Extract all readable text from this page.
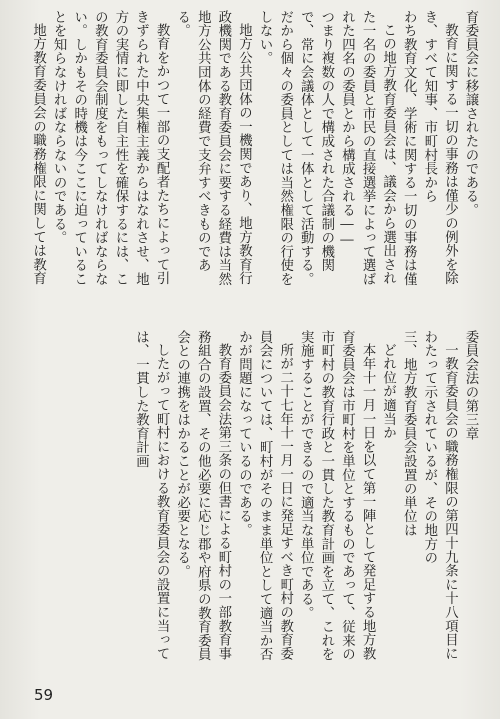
育委員会に移譲されたのである。

教育に関する一切の事務は僅少の例外を除き、すべて知事、市町村長から

わち教育文化、学術に関する一切の事務は僅

この地方教育委員会は、議会から選出された一名の委員と市民の直接選挙によって選ばれた四名の委員とから構成される――

つまり複数の人で構成された合議制の機関で、常に会議体として一体として活動する。だから個々の委員としては当然権限の行使をしない。

地方公共団体の一機関であり、地方教育行政機関である教育委員会に要する経費は当然地方公共団体の経費で支弁すべきものである。

教育をかつて一部の支配者たちによって引きずられた中央集権主義からはなれさせ、地方の実情に即した自主性を確保するには、この教育委員会制度をもってしなければならない。しかもその時機は今ここに迫っていることを知らなければならないのである。

地方教育委員会の職務権限に関しては教育

委員会法の第三章

一教育委員会の職務権限の第四十九条に十八項目にわたって示されているが、その地方の

三、地方教育委員会設置の単位は

どれ位が適当か

本年十一月一日を以て第一陣として発足する地方教育委員会は市町村を単位とするものであって、従来の市町村の教育行政と一貫した教育計画を立て、これを実施することができるので適当な単位である。

所が二十七年十一月一日に発足すべき町村の教育委員会については、町村がそのまま単位として適当か否かが問題になっているのである。

教育委員会法第三条の但書による町村の一部教育事務組合の設置、その他必要に応じ郡や府県の教育委員会との連携をはかることが必要となる。

したがって町村における教育委員会の設置に当っては、一貫した教育計画

59
